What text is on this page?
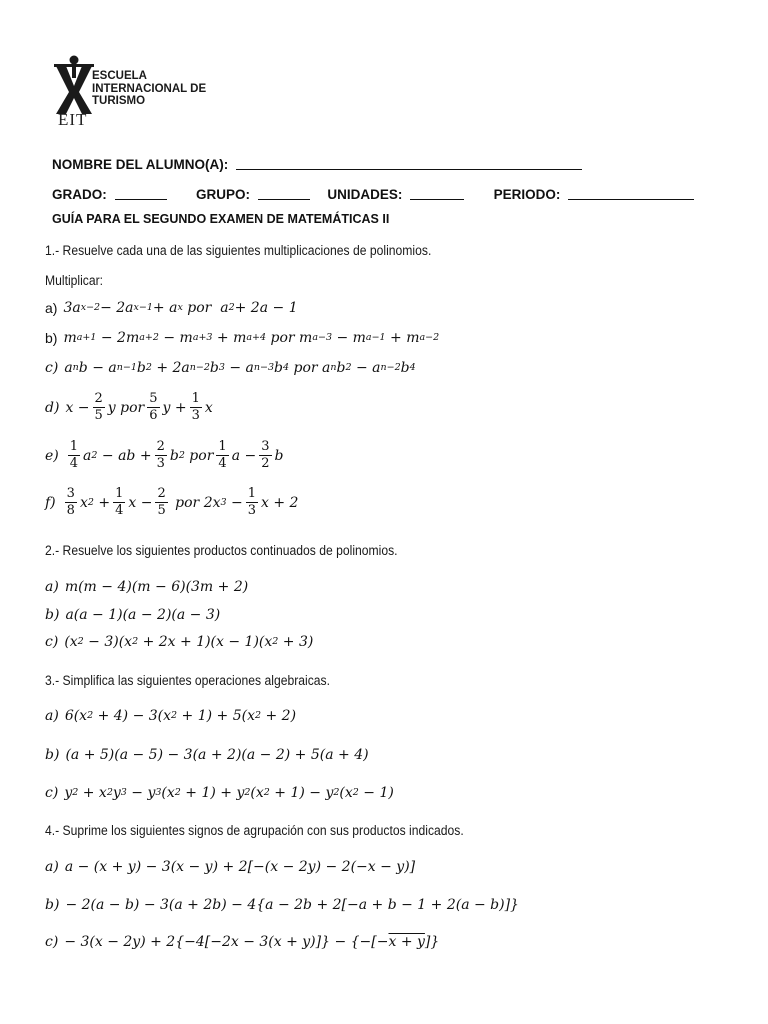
ESCUELA
INTERNACIONAL DE
TURISMO
EIT
NOMBRE DEL ALUMNO(A):
GRADO:	GRUPO:	UNIDADES:	PERIODO:
GUÍA PARA EL SEGUNDO EXAMEN DE MATEMÁTICAS II
1.- Resuelve cada una de las siguientes multiplicaciones de polinomios.
Multiplicar:
a) 3a x−2 − 2a x−1 + a x por  a 2 + 2a − 1
b) m a+1 − 2m a+2 − m a+3 + m a+4 por m a−3 − m a−1 + m a−2
c) a n b − a n−1 b 2 + 2a n−2 b 3 − a n−3 b 4 por a n b 2 − a n−2 b 4
d) $x - \frac{2}{5}$ y por $\frac{5}{6}$ $y + \frac{1}{3}$ x
$e) \frac{1}{4}$ a 2 − ab + $\frac{2}{3}$ b 2 por $\frac{1}{4}$ $a - \frac{3}{2}$ b
$f) \frac{3}{8}$ x $2 + \frac{1}{4}$ $x - \frac{2}{5}$ por 2x $3 - \frac{1}{3}$ x + 2
2.- Resuelve los siguientes productos continuados de polinomios.
a) m(m − 4)(m − 6)(3m + 2)
b) a(a − 1)(a − 2)(a − 3)
c) (x 2 − 3)(x 2 + 2x + 1)(x − 1)(x 2 + 3)
3.- Simplifica las siguientes operaciones algebraicas.
a) 6(x 2 + 4) − 3(x 2 + 1) + 5(x 2 + 2)
b) (a + 5)(a − 5) − 3(a + 2)(a − 2) + 5(a + 4)
c) y 2 + x 2 y 3 − y 3 (x 2 + 1) + y 2 (x 2 + 1) − y 2 (x 2 − 1)
4.- Suprime los siguientes signos de agrupación con sus productos indicados.
a) a − (x + y) − 3(x − y) + 2[−(x − 2y) − 2(−x − y)]
b) − 2(a − b) − 3(a + 2b) − 4{a − 2b + 2[−a + b − 1 + 2(a − b)]}
c) − 3(x − 2y) + 2{−4[−2x − 3(x + y)]} − {−[− x + y ]}
